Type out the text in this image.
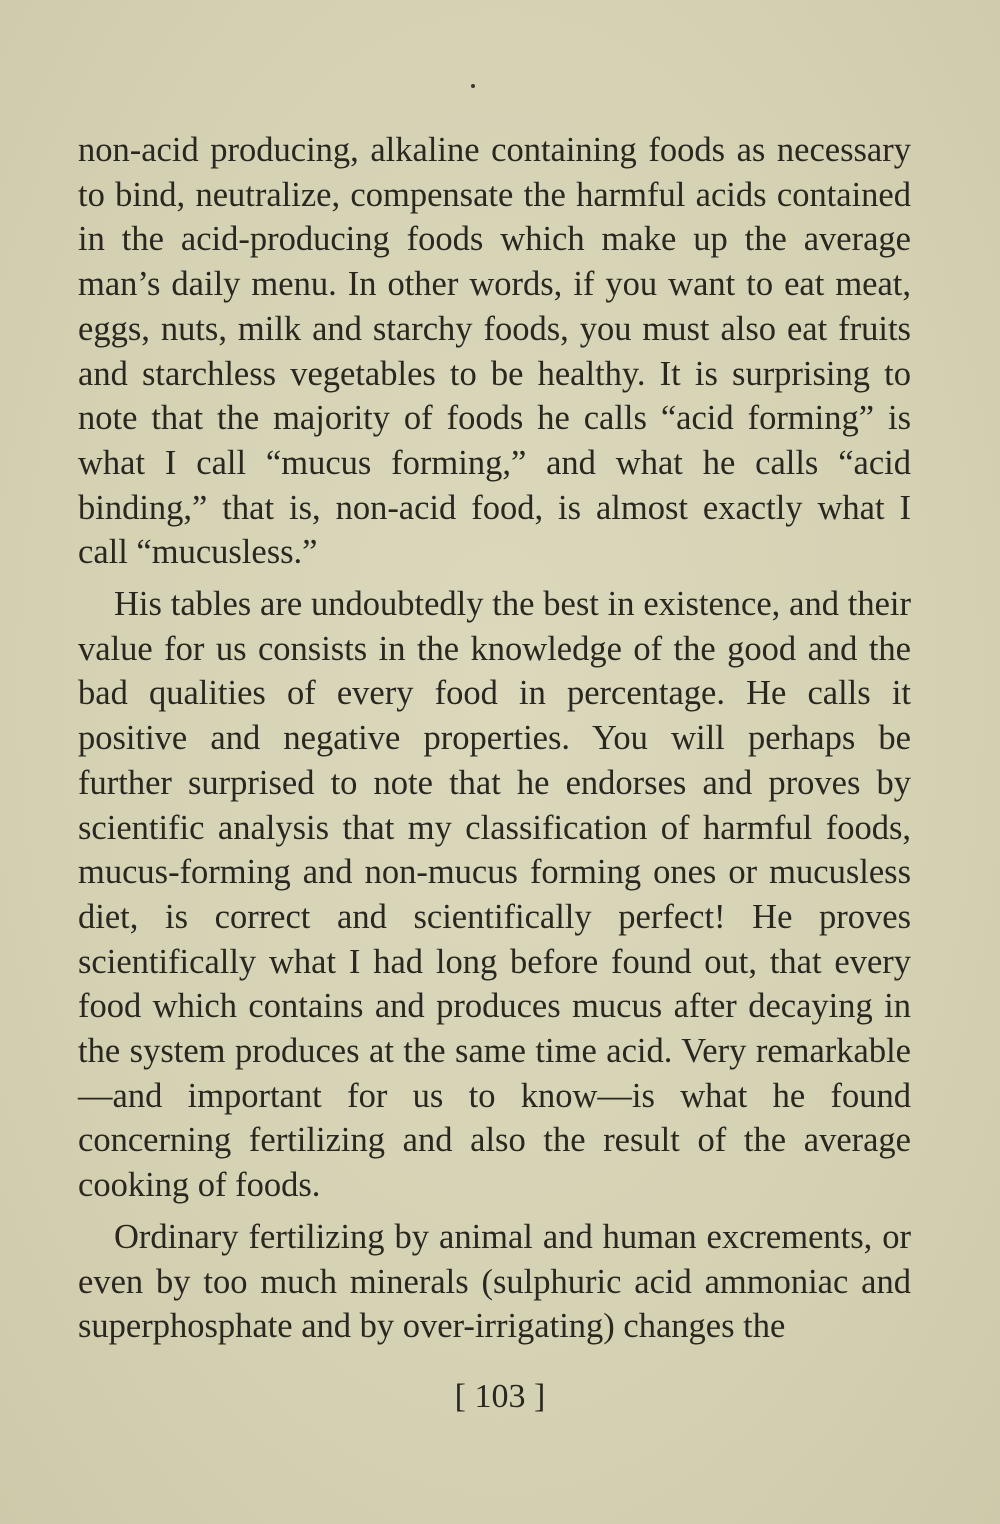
non-acid producing, alkaline containing foods as necessary to bind, neutralize, compensate the harmful acids contained in the acid-producing foods which make up the average man’s daily menu. In other words, if you want to eat meat, eggs, nuts, milk and starchy foods, you must also eat fruits and starchless vegetables to be healthy. It is surprising to note that the majority of foods he calls “acid forming” is what I call “mucus forming,” and what he calls “acid binding,” that is, non-acid food, is almost exactly what I call “mucusless.”

His tables are undoubtedly the best in existence, and their value for us consists in the knowledge of the good and the bad qualities of every food in percentage. He calls it positive and negative properties. You will perhaps be further surprised to note that he endorses and proves by scientific analysis that my classification of harmful foods, mucus-forming and non-mucus forming ones or mucusless diet, is correct and scientifically perfect! He proves scientifically what I had long before found out, that every food which contains and produces mucus after decaying in the system produces at the same time acid. Very remarkable—and important for us to know—is what he found concerning fertilizing and also the result of the average cooking of foods.

Ordinary fertilizing by animal and human excrements, or even by too much minerals (sulphuric acid ammoniac and superphosphate and by over-irrigating) changes the

[ 103 ]
